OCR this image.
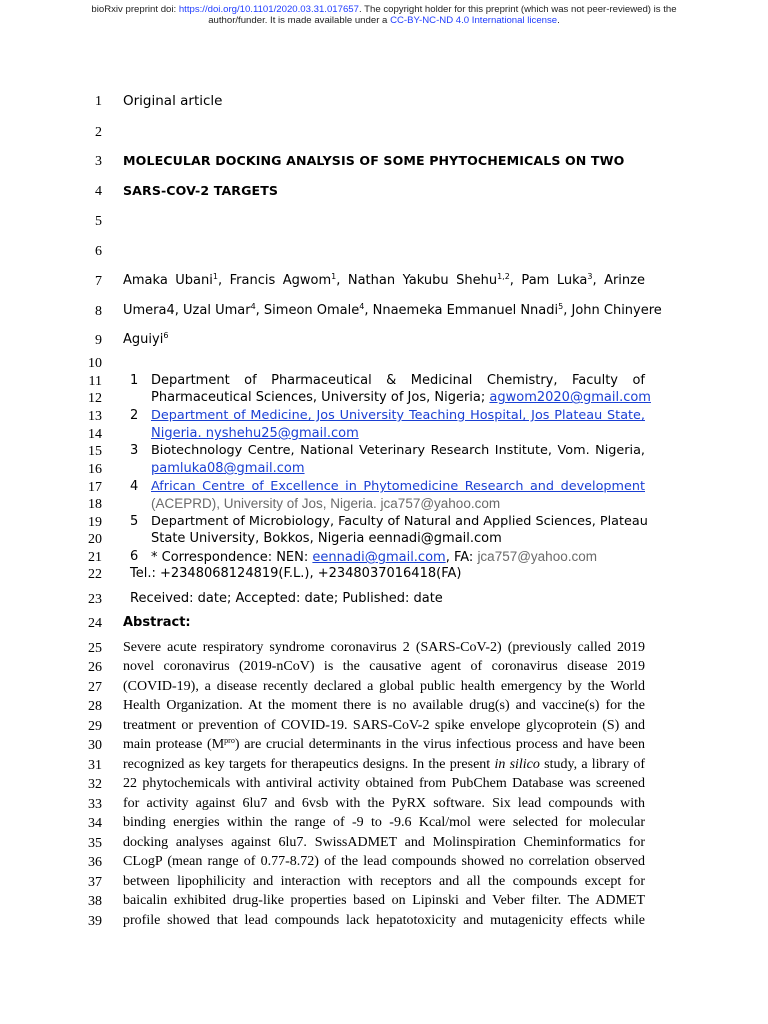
bioRxiv preprint doi: https://doi.org/10.1101/2020.03.31.017657. The copyright holder for this preprint (which was not peer-reviewed) is the
author/funder. It is made available under a CC-BY-NC-ND 4.0 International license.
1
2
3
4
5
6
7
8
9
10
11
12
13
14
15
16
17
18
19
20
21
22
23
24
25
26
27
28
29
30
31
32
33
34
35
36
37
38
39
Original article
MOLECULAR DOCKING ANALYSIS OF SOME PHYTOCHEMICALS ON TWO
SARS-COV-2 TARGETS
Amaka Ubani$^1$, Francis Agwom$^1$, Nathan Yakubu Shehu$^{1,2}$, Pam Luka$^3$, Arinze
Umera4, Uzal Umar$^4$, Simeon Omale$^4$, Nnaemeka Emmanuel Nnadi$^5$, John Chinyere
Aguiyi$^6$
1 Department of Pharmaceutical & Medicinal Chemistry, Faculty of
Pharmaceutical Sciences, University of Jos, Nigeria; agwom2020@gmail.com
2 Department of Medicine, Jos University Teaching Hospital, Jos Plateau State,
Nigeria. nyshehu25@gmail.com
3 Biotechnology Centre, National Veterinary Research Institute, Vom. Nigeria,
pamluka08@gmail.com
4 African Centre of Excellence in Phytomedicine Research and development
(ACEPRD), University of Jos, Nigeria. jca757@yahoo.com
5 Department of Microbiology, Faculty of Natural and Applied Sciences, Plateau
State University, Bokkos, Nigeria eennadi@gmail.com
6 * Correspondence: NEN: eennadi@gmail.com, FA: jca757@yahoo.com
Tel.: +2348068124819(F.L.), +2348037016418(FA)
Received: date; Accepted: date; Published: date
Abstract:
Severe acute respiratory syndrome coronavirus 2 (SARS-CoV-2) (previously called 2019
novel coronavirus (2019-nCoV) is the causative agent of coronavirus disease 2019
(COVID-19), a disease recently declared a global public health emergency by the World
Health Organization. At the moment there is no available drug(s) and vaccine(s) for the
treatment or prevention of COVID-19. SARS-CoV-2 spike envelope glycoprotein (S) and
main protease $(M^{pro})$ are crucial determinants in the virus infectious process and have been
recognized as key targets for therapeutics designs. In the present in silico study, a library of
22 phytochemicals with antiviral activity obtained from PubChem Database was screened
for activity against 6lu7 and 6vsb with the PyRX software. Six lead compounds with
binding energies within the range of -9 to -9.6 Kcal/mol were selected for molecular
docking analyses against 6lu7. SwissADMET and Molinspiration Cheminformatics for
CLogP (mean range of 0.77-8.72) of the lead compounds showed no correlation observed
between lipophilicity and interaction with receptors and all the compounds except for
baicalin exhibited drug-like properties based on Lipinski and Veber filter. The ADMET
profile showed that lead compounds lack hepatotoxicity and mutagenicity effects while
